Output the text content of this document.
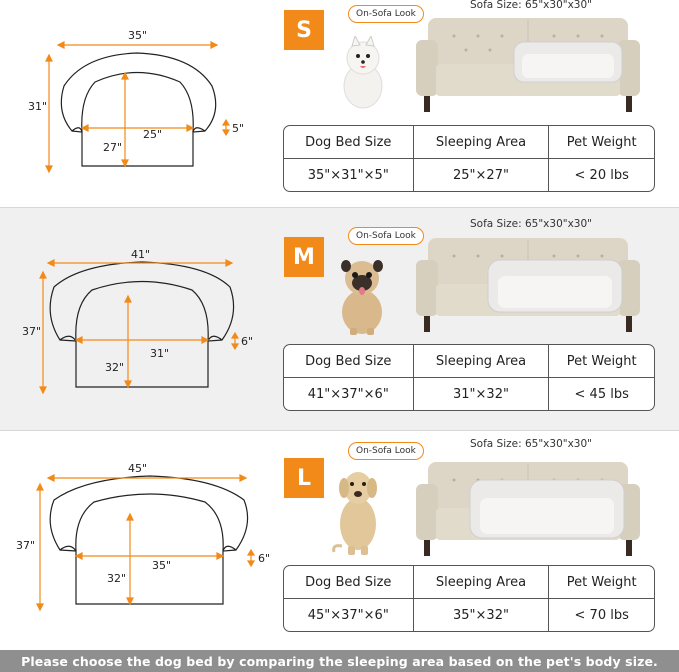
35"
31"
25"
27"
5"
41"
37"
31"
32"
6"
45"
37"
35"
32"
6"
S
On-Sofa Look
Sofa Size: 65"x30"x30"
Dog Bed Size	Sleeping Area	Pet Weight
35"×31"×5"	25"×27"	< 20 lbs
M
On-Sofa Look
Sofa Size: 65"x30"x30"
Dog Bed Size	Sleeping Area	Pet Weight
41"×37"×6"	31"×32"	< 45 lbs
L
On-Sofa Look
Sofa Size: 65"x30"x30"
Dog Bed Size	Sleeping Area	Pet Weight
45"×37"×6"	35"×32"	< 70 lbs
Please choose the dog bed by comparing the sleeping area based on the pet's body size.
